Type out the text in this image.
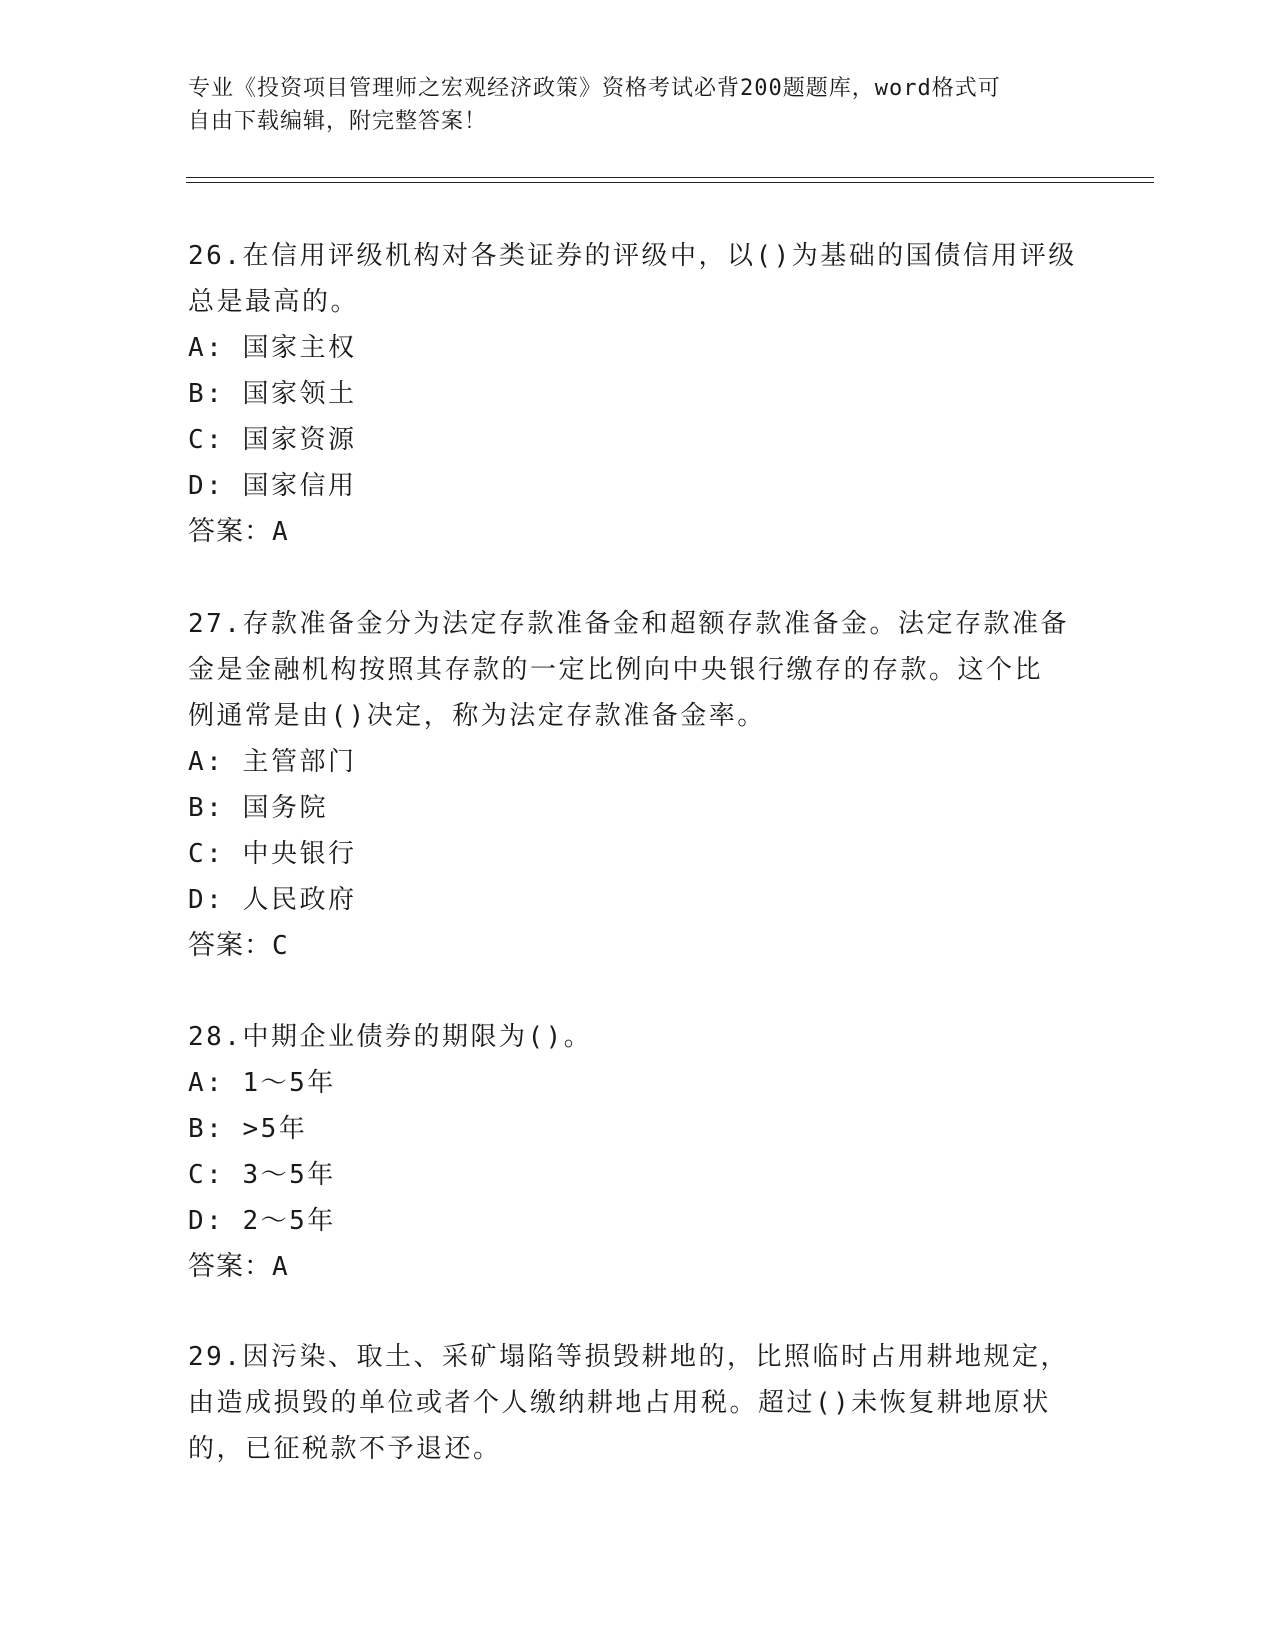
专业《投资项目管理师之宏观经济政策》资格考试必背200题题库，word格式可
自由下载编辑，附完整答案！
26.在信用评级机构对各类证券的评级中，以()为基础的国债信用评级
总是最高的。
A: 国家主权
B: 国家领土
C: 国家资源
D: 国家信用
答案：A
27.存款准备金分为法定存款准备金和超额存款准备金。法定存款准备
金是金融机构按照其存款的一定比例向中央银行缴存的存款。这个比
例通常是由()决定，称为法定存款准备金率。
A: 主管部门
B: 国务院
C: 中央银行
D: 人民政府
答案：C
28.中期企业债券的期限为()。
A: 1～5年
B: >5年
C: 3～5年
D: 2～5年
答案：A
29.因污染、取土、采矿塌陷等损毁耕地的，比照临时占用耕地规定，
由造成损毁的单位或者个人缴纳耕地占用税。超过()未恢复耕地原状
的，已征税款不予退还。
